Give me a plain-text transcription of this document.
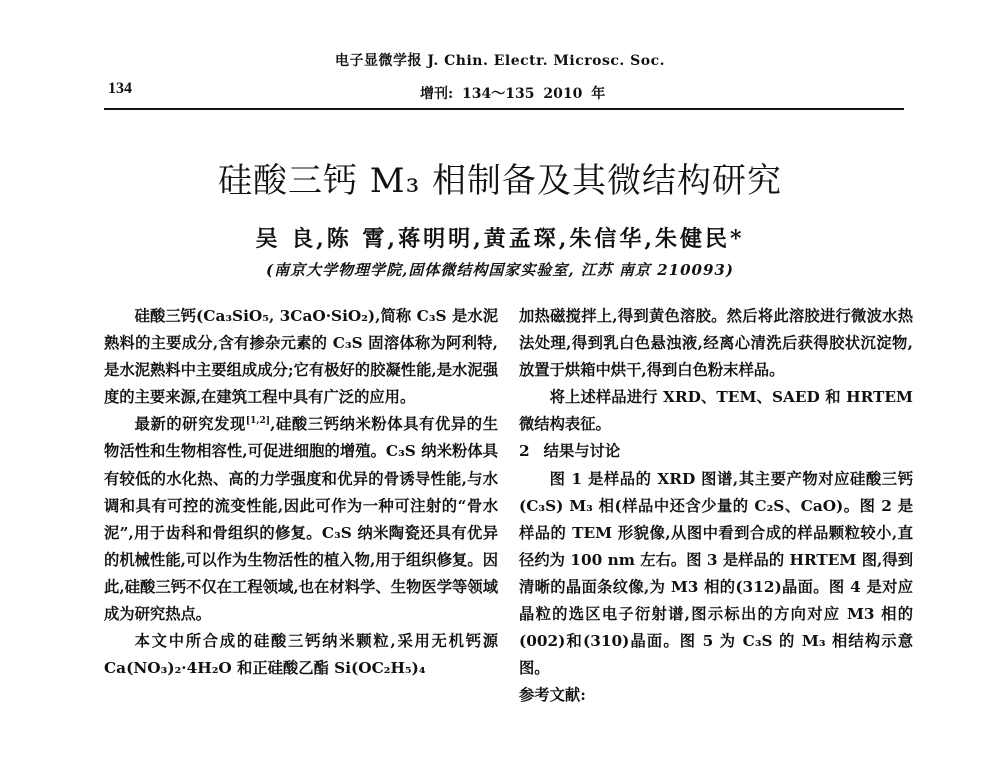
电子显微学报 J. Chin. Electr. Microsc. Soc.
134	增刊: 134～135 2010 年
硅酸三钙 M₃ 相制备及其微结构研究
吴 良,陈 霄,蒋明明,黄孟琛,朱信华,朱健民*
(南京大学物理学院,固体微结构国家实验室, 江苏 南京 210093)

硅酸三钙(Ca₃SiO₅, 3CaO·SiO₂),简称 C₃S 是水泥熟料的主要成分,含有掺杂元素的 C₃S 固溶体称为阿利特,是水泥熟料中主要组成成分;它有极好的胶凝性能,是水泥强度的主要来源,在建筑工程中具有广泛的应用。

最新的研究发现[1,2],硅酸三钙纳米粉体具有优异的生物活性和生物相容性,可促进细胞的增殖。C₃S 纳米粉体具有较低的水化热、高的力学强度和优异的骨诱导性能,与水调和具有可控的流变性能,因此可作为一种可注射的“骨水泥”,用于齿科和骨组织的修复。C₃S 纳米陶瓷还具有优异的机械性能,可以作为生物活性的植入物,用于组织修复。因此,硅酸三钙不仅在工程领域,也在材料学、生物医学等领域成为研究热点。

本文中所合成的硅酸三钙纳米颗粒,采用无机钙源 Ca(NO₃)₂·4H₂O 和正硅酸乙酯 Si(OC₂H₅)₄

加热磁搅拌上,得到黄色溶胶。然后将此溶胶进行微波水热法处理,得到乳白色悬浊液,经离心清洗后获得胶状沉淀物,放置于烘箱中烘干,得到白色粉末样品。

将上述样品进行 XRD、TEM、SAED 和 HRTEM 微结构表征。

2 结果与讨论

图 1 是样品的 XRD 图谱,其主要产物对应硅酸三钙(C₃S) M₃ 相(样品中还含少量的 C₂S、CaO)。图 2 是样品的 TEM 形貌像,从图中看到合成的样品颗粒较小,直径约为 100 nm 左右。图 3 是样品的 HRTEM 图,得到清晰的晶面条纹像,为 M3 相的(312)晶面。图 4 是对应晶粒的选区电子衍射谱,图示标出的方向对应 M3 相的(002)和(310)晶面。图 5 为 C₃S 的 M₃ 相结构示意图。

参考文献:
